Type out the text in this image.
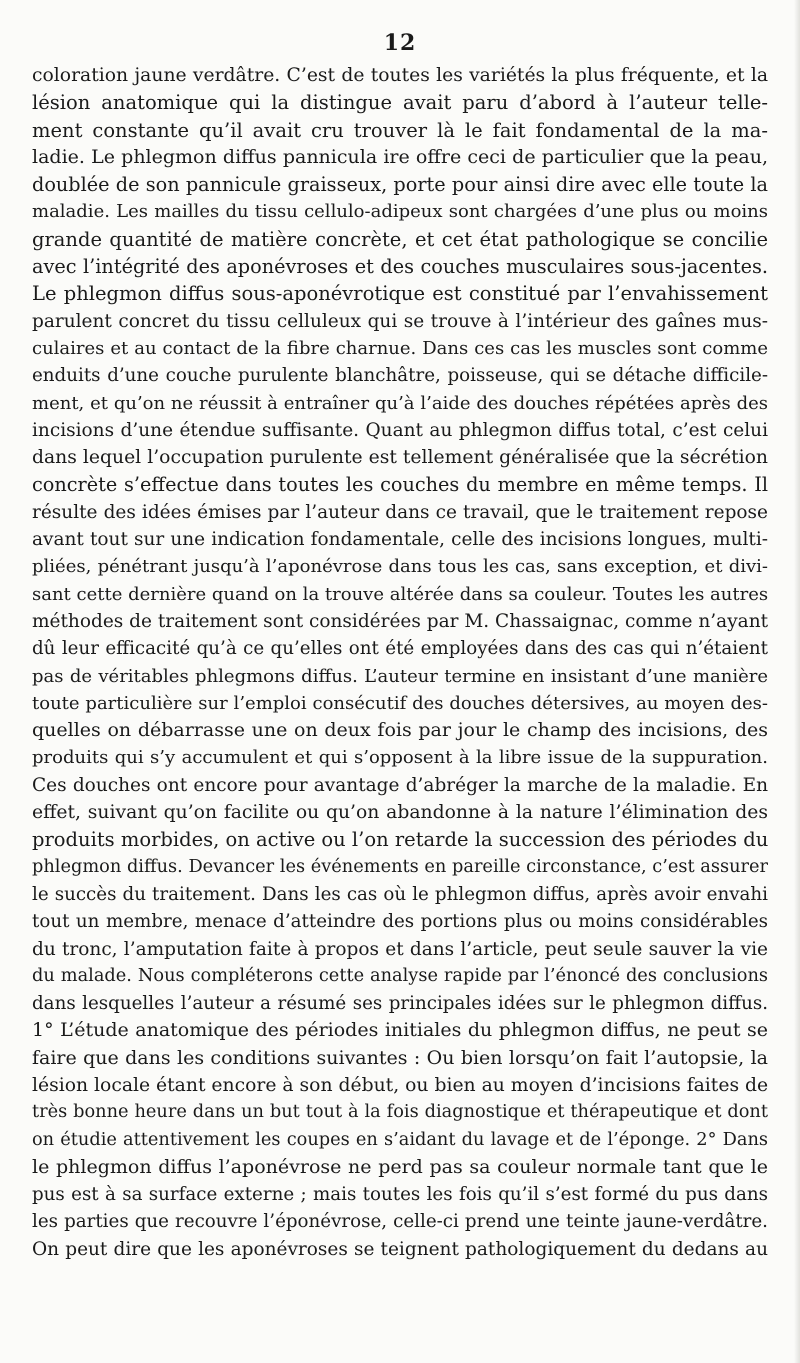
12
coloration jaune verdâtre. C’est de toutes les variétés la plus fréquente, et la
lésion anatomique qui la distingue avait paru d’abord à l’auteur telle-
ment constante qu’il avait cru trouver là le fait fondamental de la ma-
ladie. Le phlegmon diffus pannicula ire offre ceci de particulier que la peau,
doublée de son pannicule graisseux, porte pour ainsi dire avec elle toute la
maladie. Les mailles du tissu cellulo-adipeux sont chargées d’une plus ou moins
grande quantité de matière concrète, et cet état pathologique se concilie
avec l’intégrité des aponévroses et des couches musculaires sous-jacentes.
Le phlegmon diffus sous-aponévrotique est constitué par l’envahissement
parulent concret du tissu celluleux qui se trouve à l’intérieur des gaînes mus-
culaires et au contact de la fibre charnue. Dans ces cas les muscles sont comme
enduits d’une couche purulente blanchâtre, poisseuse, qui se détache difficile-
ment, et qu’on ne réussit à entraîner qu’à l’aide des douches répétées après des
incisions d’une étendue suffisante. Quant au phlegmon diffus total, c’est celui
dans lequel l’occupation purulente est tellement généralisée que la sécrétion
concrète s’effectue dans toutes les couches du membre en même temps. Il
résulte des idées émises par l’auteur dans ce travail, que le traitement repose
avant tout sur une indication fondamentale, celle des incisions longues, multi-
pliées, pénétrant jusqu’à l’aponévrose dans tous les cas, sans exception, et divi-
sant cette dernière quand on la trouve altérée dans sa couleur. Toutes les autres
méthodes de traitement sont considérées par M. Chassaignac, comme n’ayant
dû leur efficacité qu’à ce qu’elles ont été employées dans des cas qui n’étaient
pas de véritables phlegmons diffus. L’auteur termine en insistant d’une manière
toute particulière sur l’emploi consécutif des douches détersives, au moyen des-
quelles on débarrasse une on deux fois par jour le champ des incisions, des
produits qui s’y accumulent et qui s’opposent à la libre issue de la suppuration.
Ces douches ont encore pour avantage d’abréger la marche de la maladie. En
effet, suivant qu’on facilite ou qu’on abandonne à la nature l’élimination des
produits morbides, on active ou l’on retarde la succession des périodes du
phlegmon diffus. Devancer les événements en pareille circonstance, c’est assurer
le succès du traitement. Dans les cas où le phlegmon diffus, après avoir envahi
tout un membre, menace d’atteindre des portions plus ou moins considérables
du tronc, l’amputation faite à propos et dans l’article, peut seule sauver la vie
du malade. Nous compléterons cette analyse rapide par l’énoncé des conclusions
dans lesquelles l’auteur a résumé ses principales idées sur le phlegmon diffus.
1° L’étude anatomique des périodes initiales du phlegmon diffus, ne peut se
faire que dans les conditions suivantes : Ou bien lorsqu’on fait l’autopsie, la
lésion locale étant encore à son début, ou bien au moyen d’incisions faites de
très bonne heure dans un but tout à la fois diagnostique et thérapeutique et dont
on étudie attentivement les coupes en s’aidant du lavage et de l’éponge. 2° Dans
le phlegmon diffus l’aponévrose ne perd pas sa couleur normale tant que le
pus est à sa surface externe ; mais toutes les fois qu’il s’est formé du pus dans
les parties que recouvre l’éponévrose, celle-ci prend une teinte jaune-verdâtre.
On peut dire que les aponévroses se teignent pathologiquement du dedans au
